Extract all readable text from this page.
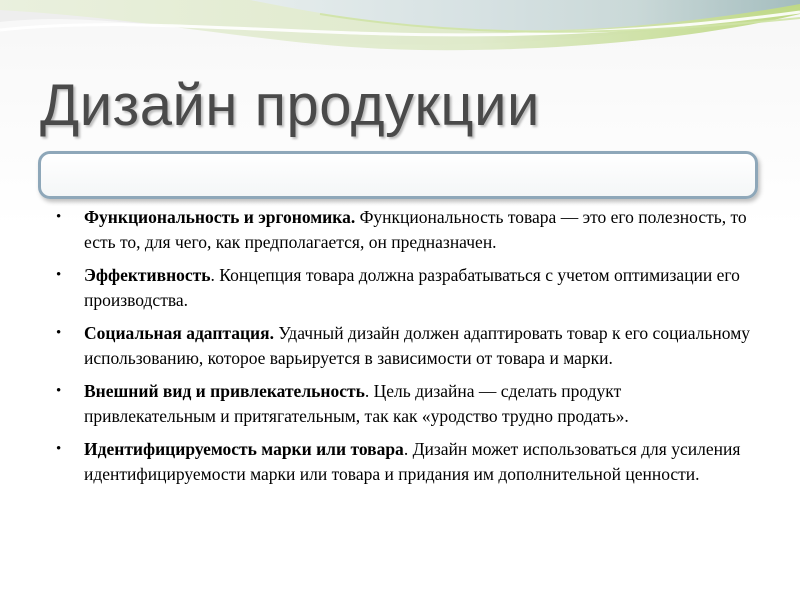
Дизайн продукции
• Функциональность и эргономика. Функциональность товара — это его полезность, то есть то, для чего, как предполагается, он предназначен.
• Эффективность. Концепция товара должна разрабатываться с учетом оптимизации его производства.
• Социальная адаптация. Удачный дизайн должен адаптировать товар к его социальному использованию, которое варьируется в зависимости от товара и марки.
• Внешний вид и привлекательность. Цель дизайна — сделать продукт привлекательным и притягательным, так как «уродство трудно продать».
• Идентифицируемость марки или товара. Дизайн может использоваться для усиления идентифицируемости марки или товара и придания им дополнительной ценности.
